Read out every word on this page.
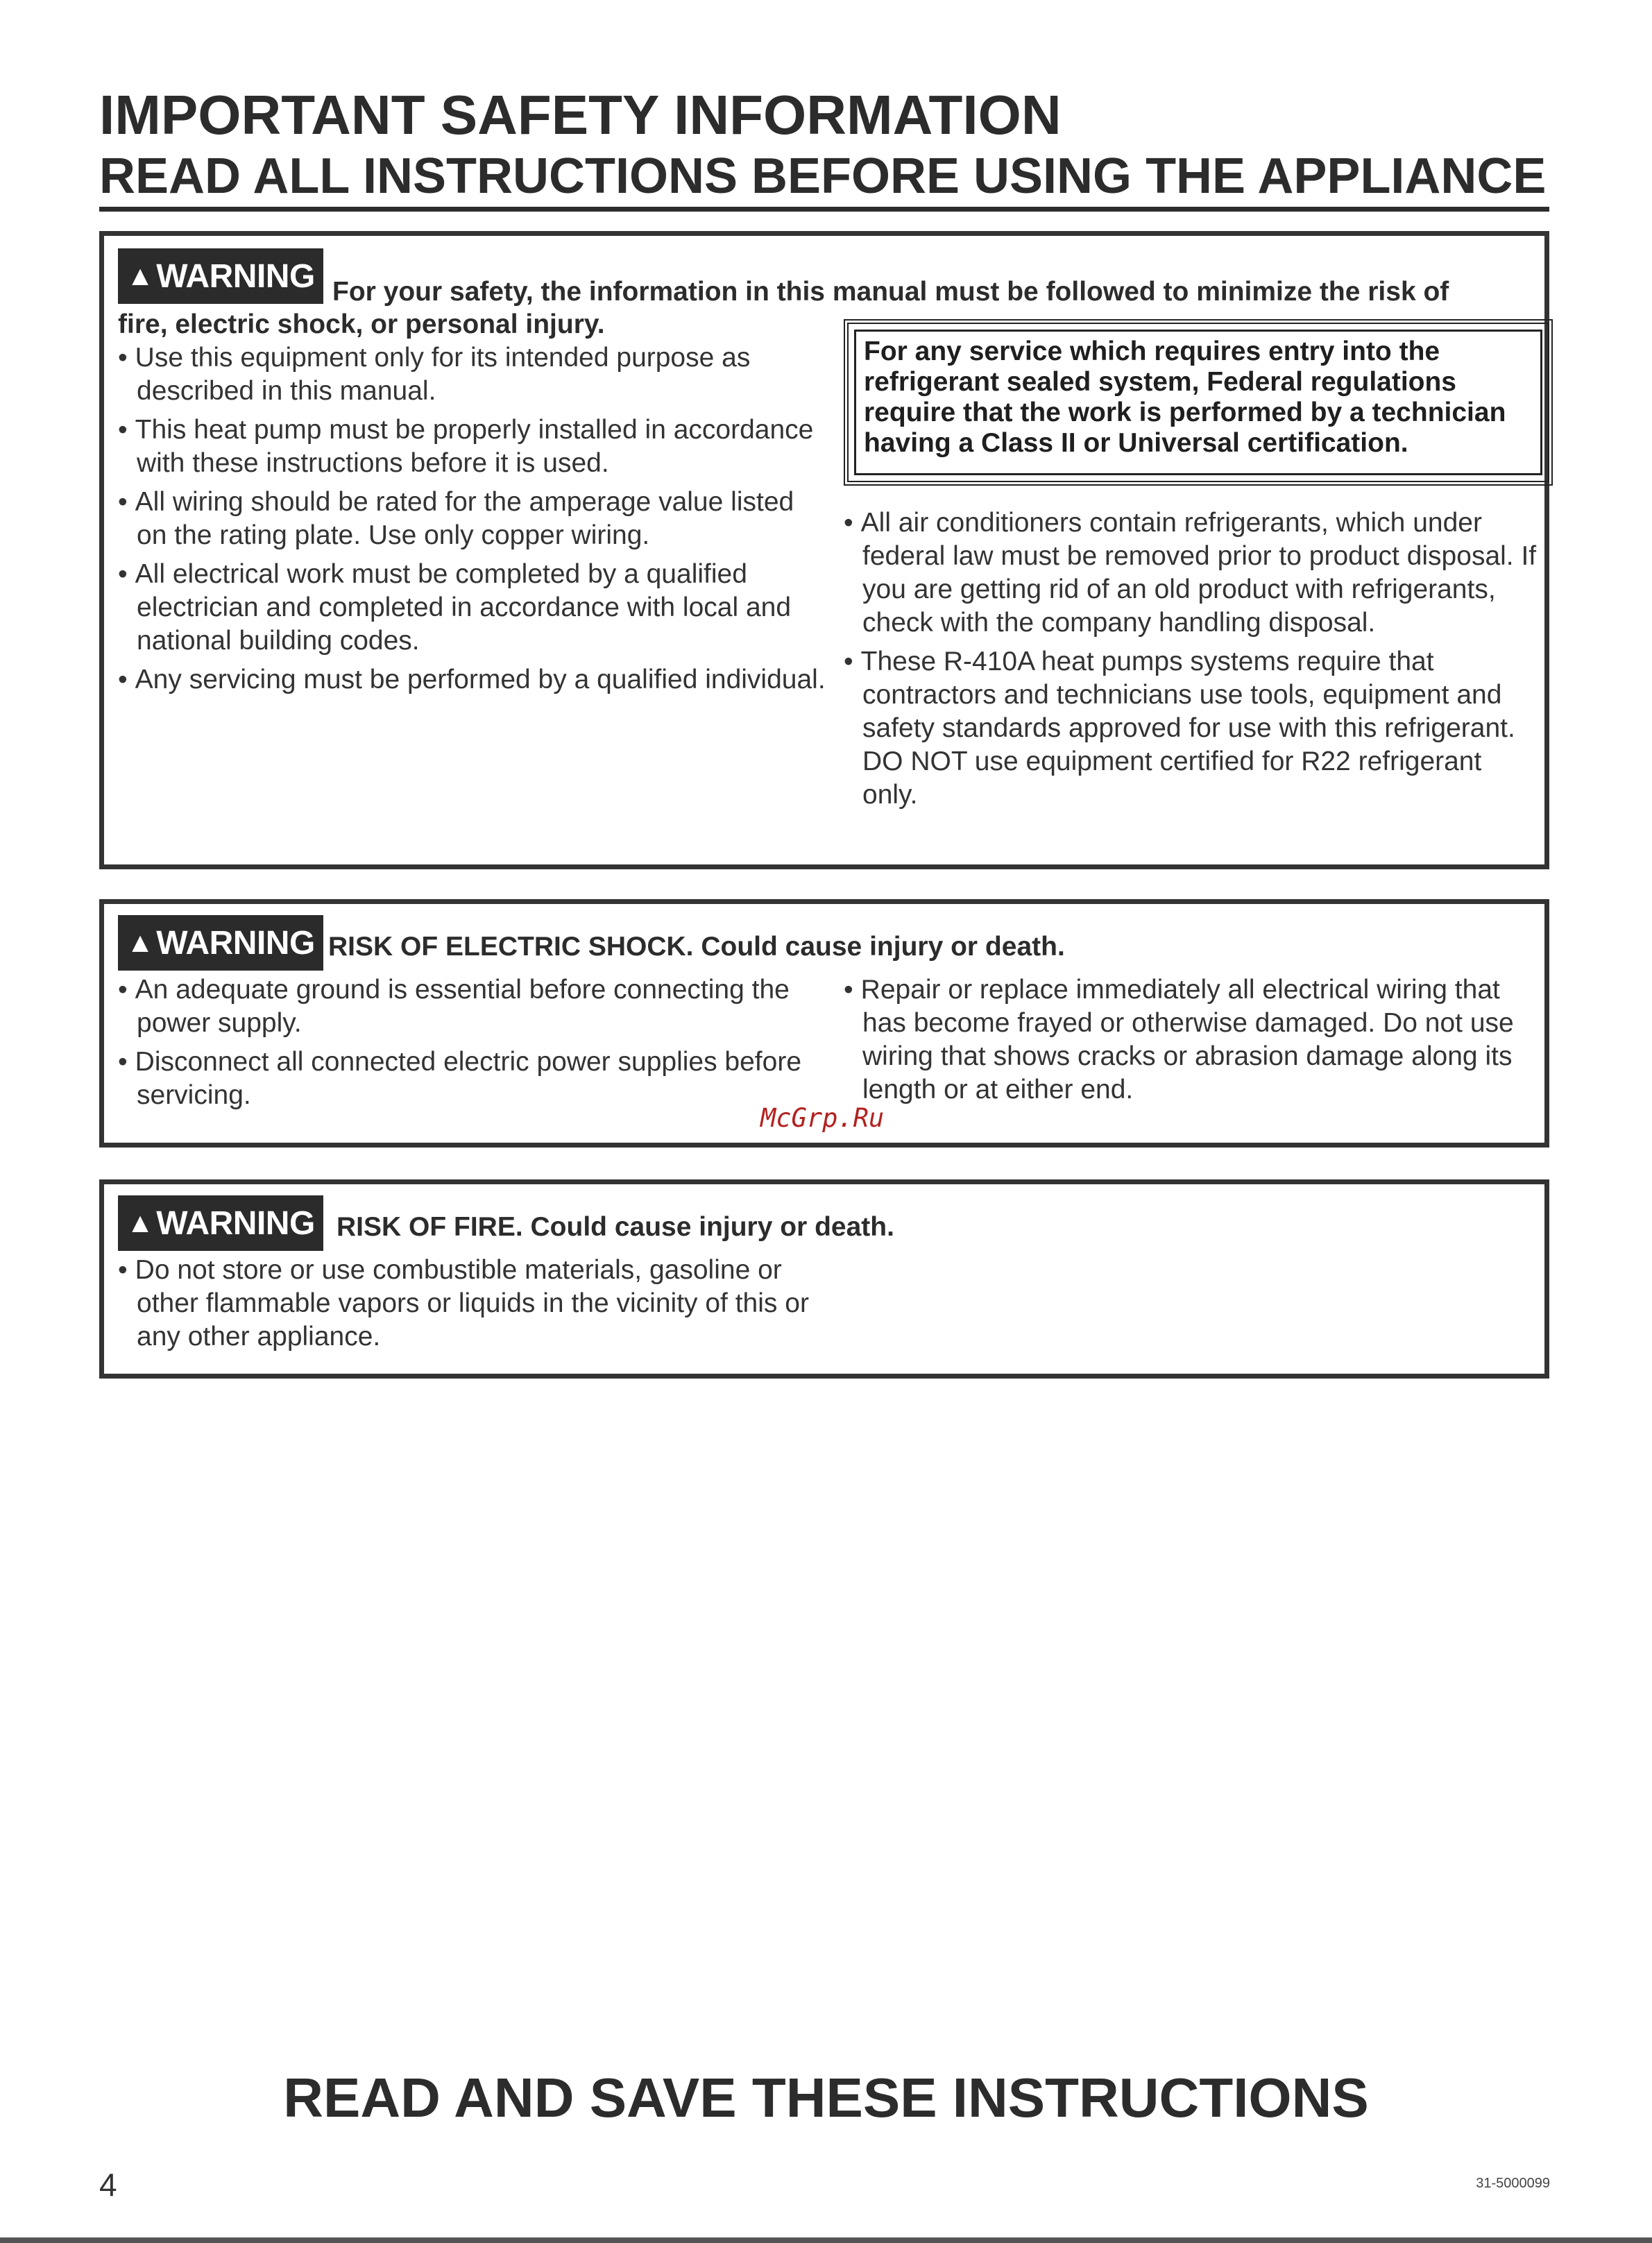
IMPORTANT SAFETY INFORMATION
READ ALL INSTRUCTIONS BEFORE USING THE APPLIANCE
▲ WARNING For your safety, the information in this manual must be followed to minimize the risk of
fire, electric shock, or personal injury.
• Use this equipment only for its intended purpose as described in this manual.
• This heat pump must be properly installed in accordance with these instructions before it is used.
• All wiring should be rated for the amperage value listed on the rating plate. Use only copper wiring.
• All electrical work must be completed by a qualified electrician and completed in accordance with local and national building codes.
• Any servicing must be performed by a qualified individual.
For any service which requires entry into the refrigerant sealed system, Federal regulations require that the work is performed by a technician having a Class II or Universal certification.
• All air conditioners contain refrigerants, which under federal law must be removed prior to product disposal. If you are getting rid of an old product with refrigerants, check with the company handling disposal.
• These R-410A heat pumps systems require that contractors and technicians use tools, equipment and safety standards approved for use with this refrigerant. DO NOT use equipment certified for R22 refrigerant only.
▲ WARNING RISK OF ELECTRIC SHOCK. Could cause injury or death.
• An adequate ground is essential before connecting the power supply.
• Disconnect all connected electric power supplies before servicing.
• Repair or replace immediately all electrical wiring that has become frayed or otherwise damaged. Do not use wiring that shows cracks or abrasion damage along its length or at either end.
McGrp.Ru
▲ WARNING RISK OF FIRE. Could cause injury or death.
• Do not store or use combustible materials, gasoline or other flammable vapors or liquids in the vicinity of this or any other appliance.
READ AND SAVE THESE INSTRUCTIONS
4	31-5000099
